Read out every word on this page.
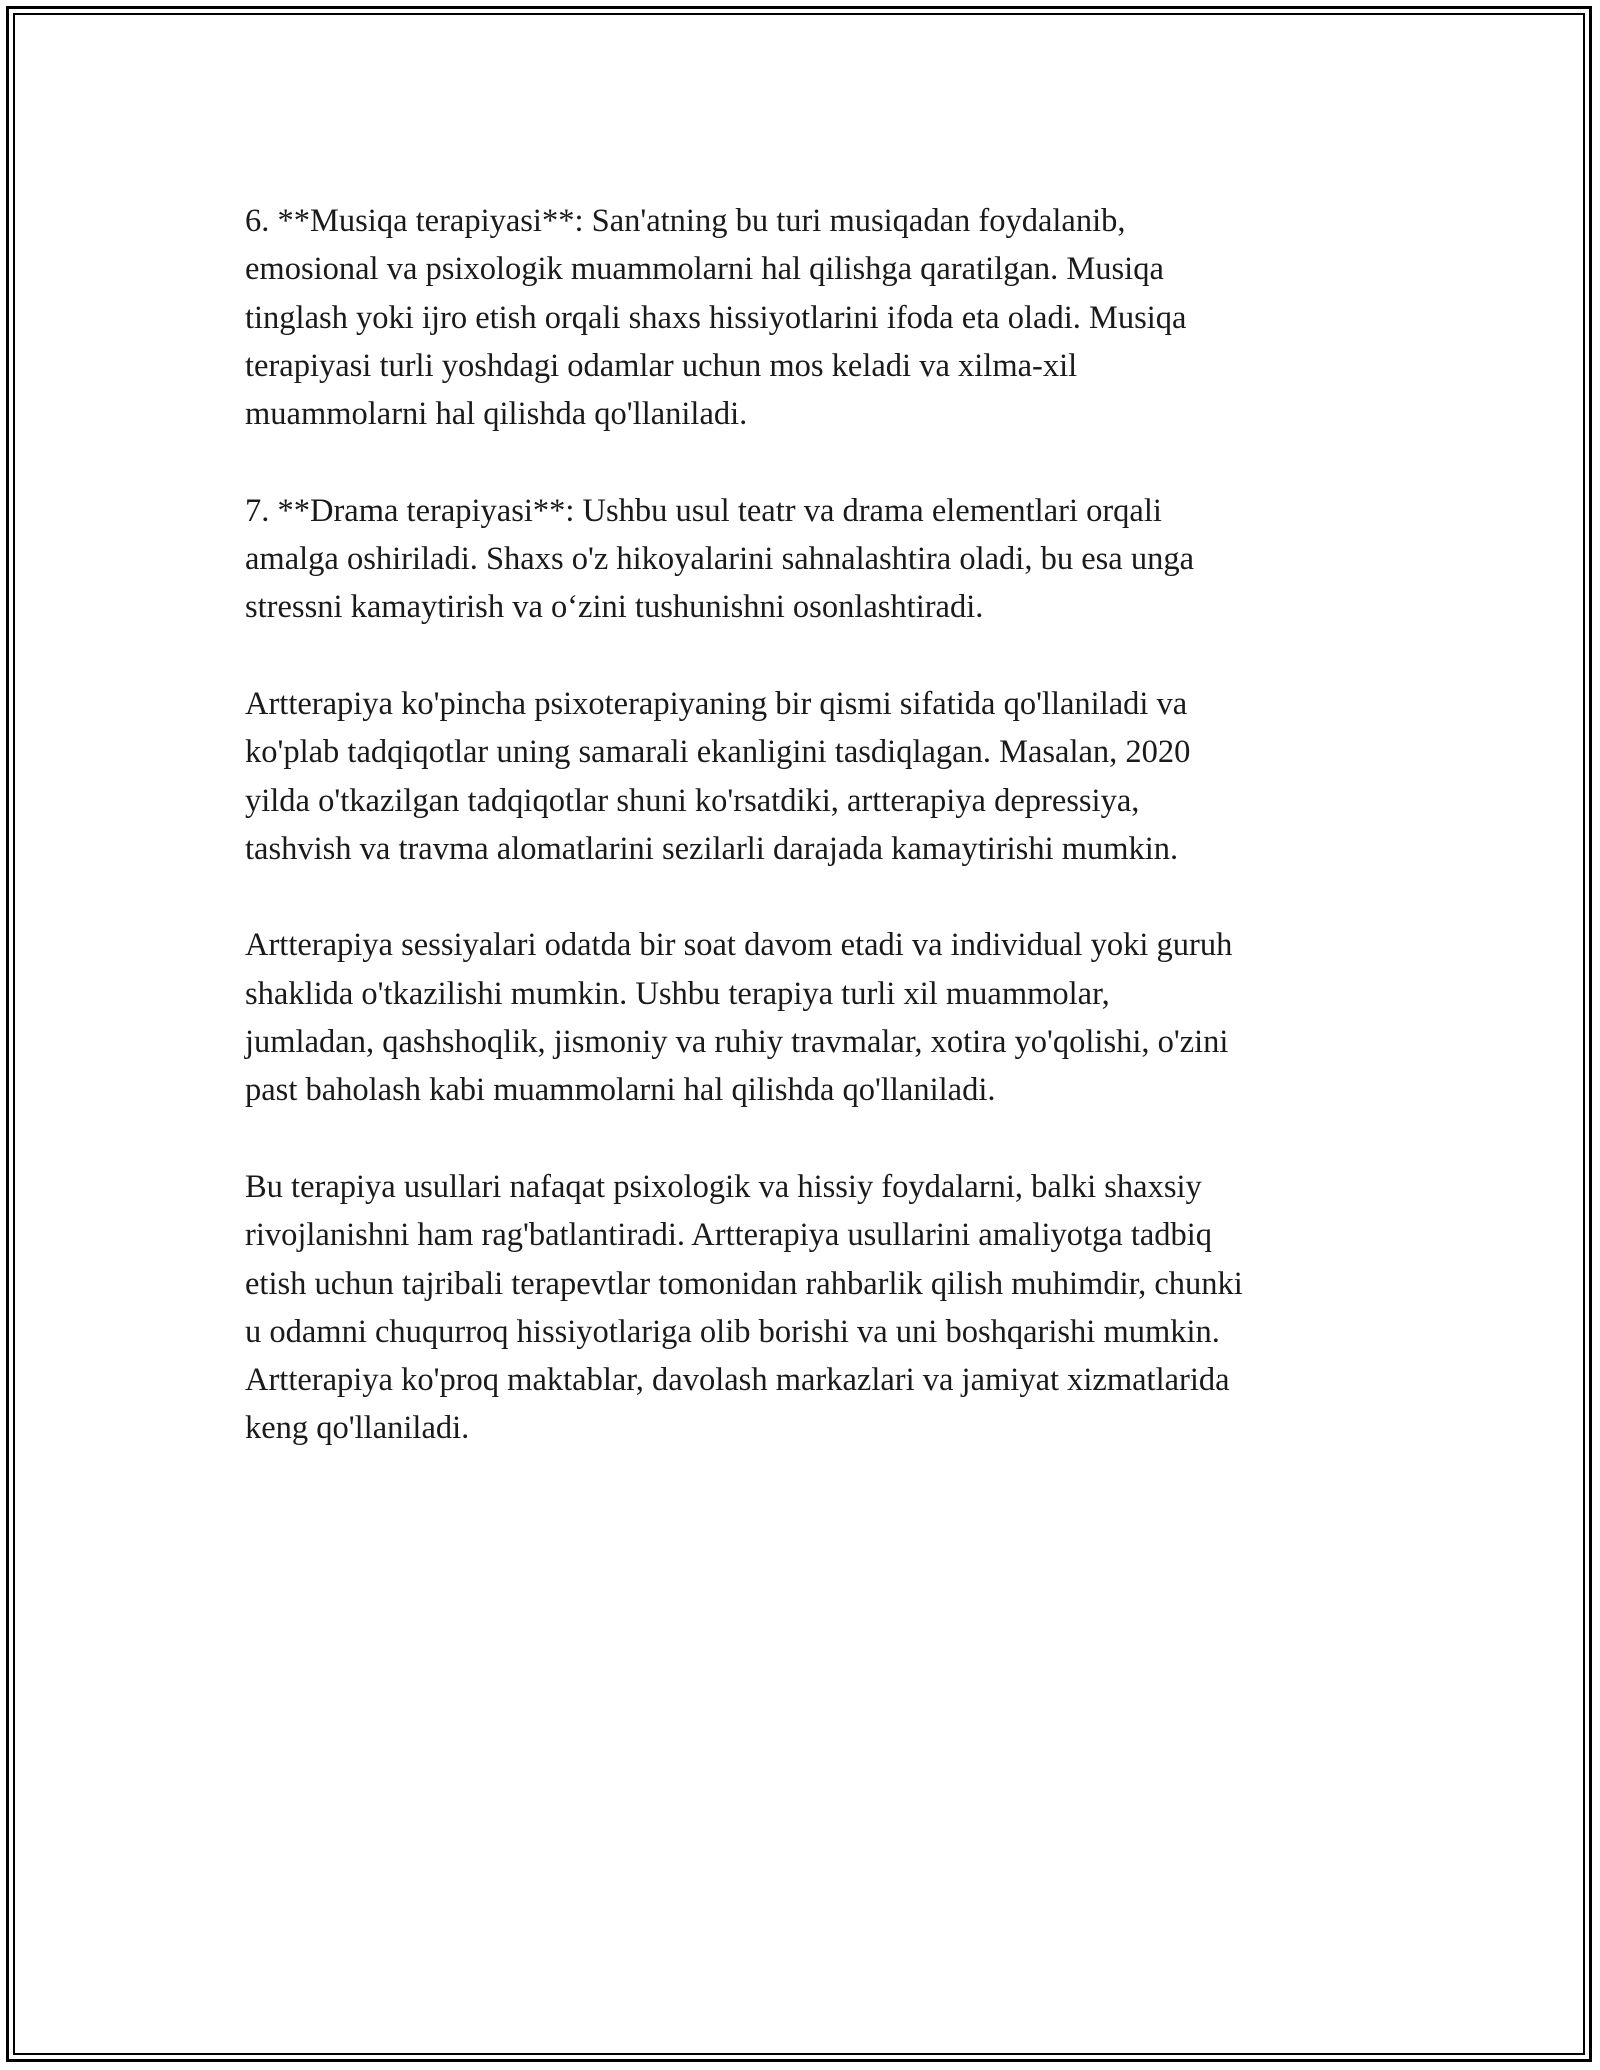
6. **Musiqa terapiyasi**: San'atning bu turi musiqadan foydalanib,
emosional va psixologik muammolarni hal qilishga qaratilgan. Musiqa
tinglash yoki ijro etish orqali shaxs hissiyotlarini ifoda eta oladi. Musiqa
terapiyasi turli yoshdagi odamlar uchun mos keladi va xilma-xil
muammolarni hal qilishda qo'llaniladi.

7. **Drama terapiyasi**: Ushbu usul teatr va drama elementlari orqali
amalga oshiriladi. Shaxs o'z hikoyalarini sahnalashtira oladi, bu esa unga
stressni kamaytirish va o‘zini tushunishni osonlashtiradi.

Artterapiya ko'pincha psixoterapiyaning bir qismi sifatida qo'llaniladi va
ko'plab tadqiqotlar uning samarali ekanligini tasdiqlagan. Masalan, 2020
yilda o'tkazilgan tadqiqotlar shuni ko'rsatdiki, artterapiya depressiya,
tashvish va travma alomatlarini sezilarli darajada kamaytirishi mumkin.

Artterapiya sessiyalari odatda bir soat davom etadi va individual yoki guruh
shaklida o'tkazilishi mumkin. Ushbu terapiya turli xil muammolar,
jumladan, qashshoqlik, jismoniy va ruhiy travmalar, xotira yo'qolishi, o'zini
past baholash kabi muammolarni hal qilishda qo'llaniladi.

Bu terapiya usullari nafaqat psixologik va hissiy foydalarni, balki shaxsiy
rivojlanishni ham rag'batlantiradi. Artterapiya usullarini amaliyotga tadbiq
etish uchun tajribali terapevtlar tomonidan rahbarlik qilish muhimdir, chunki
u odamni chuqurroq hissiyotlariga olib borishi va uni boshqarishi mumkin.
Artterapiya ko'proq maktablar, davolash markazlari va jamiyat xizmatlarida
keng qo'llaniladi.
